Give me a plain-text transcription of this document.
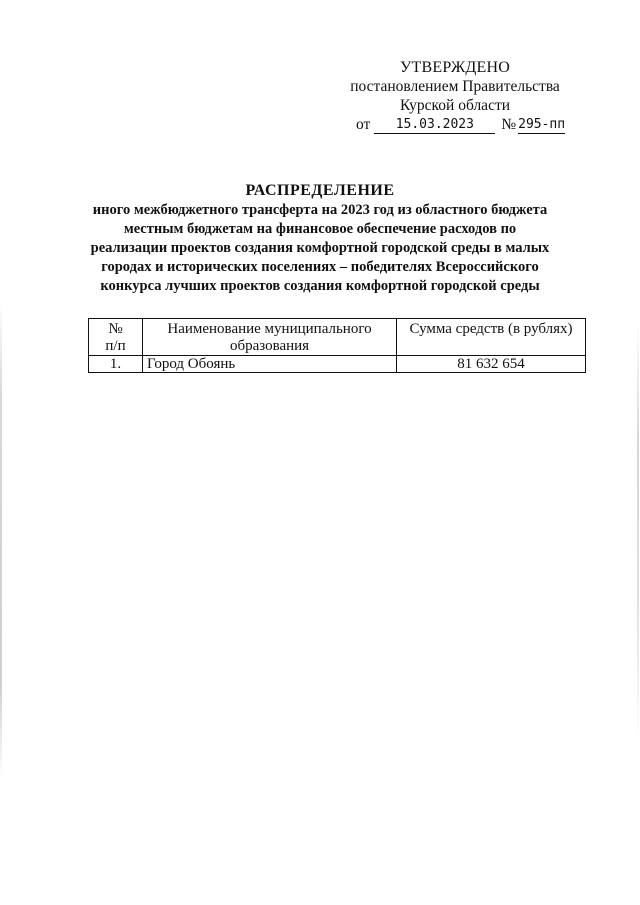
УТВЕРЖДЕНО
постановлением Правительства
Курской области
от	15.03.2023	№ 295-пп
РАСПРЕДЕЛЕНИЕ
иного межбюджетного трансферта на 2023 год из областного бюджета
местным бюджетам на финансовое обеспечение расходов по
реализации проектов создания комфортной городской среды в малых
городах и исторических поселениях – победителях Всероссийского
конкурса лучших проектов создания комфортной городской среды
№
п/п	Наименование муниципального образования	Сумма средств (в рублях)
1.	Город Обоянь	81 632 654
